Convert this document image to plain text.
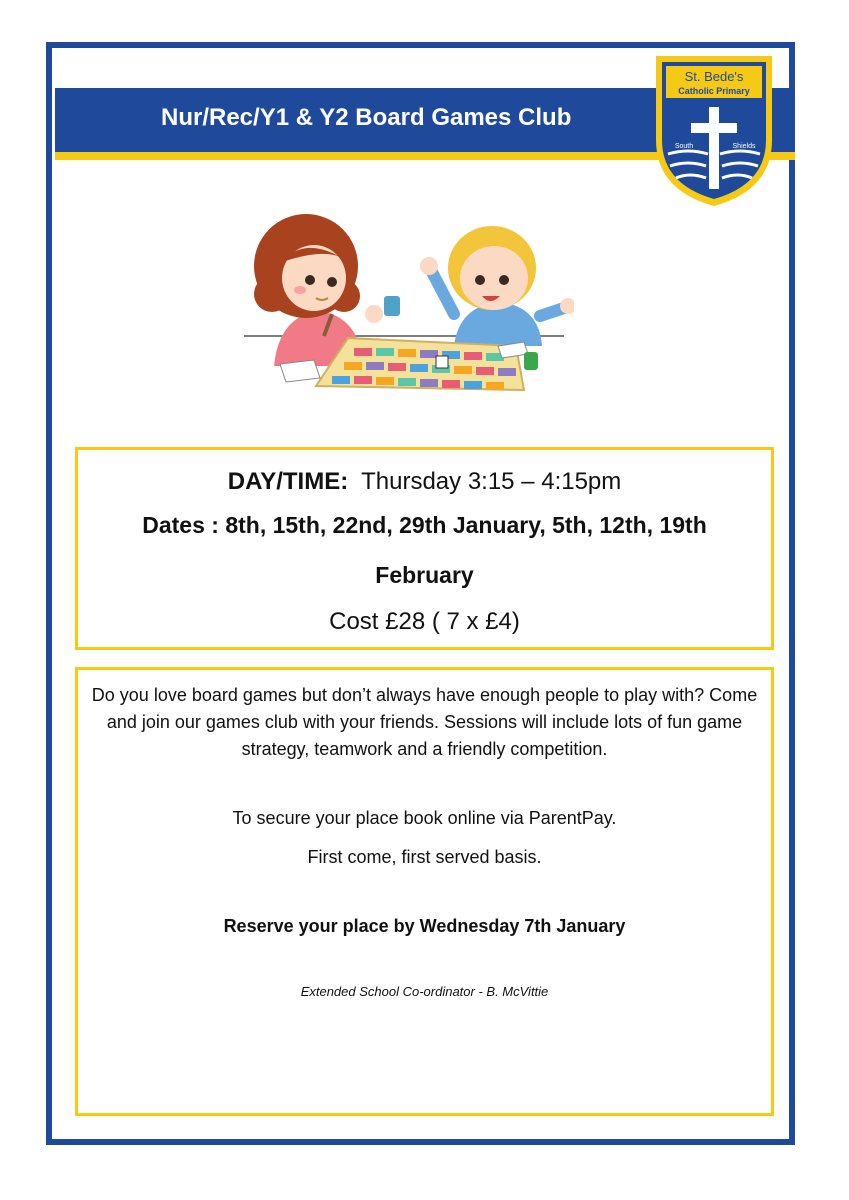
Nur/Rec/Y1 & Y2 Board Games Club
St. Bede's
Catholic Primary
South	Shields
DAY/TIME: Thursday 3:15 – 4:15pm
Dates : 8th, 15th, 22nd, 29th January, 5th, 12th, 19th
February
Cost £28 ( 7 x £4)
Do you love board games but don’t always have enough people to play with? Come and join our games club with your friends. Sessions will include lots of fun game strategy, teamwork and a friendly competition.
To secure your place book online via ParentPay.
First come, first served basis.
Reserve your place by Wednesday 7th January
Extended School Co-ordinator - B. McVittie
